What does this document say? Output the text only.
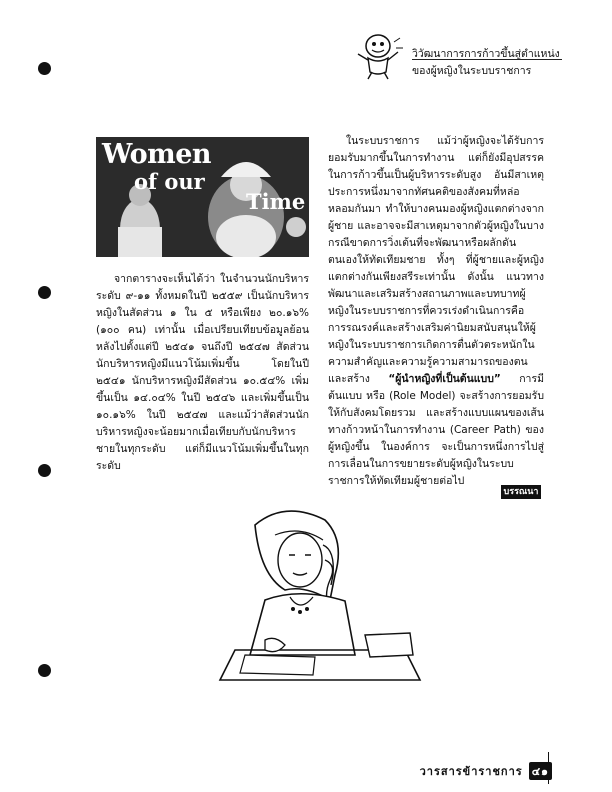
วิวัฒนาการการก้าวขึ้นสู่ตำแหน่ง
ของผู้หญิงในระบบราชการ
Women
of our
Time

จากตารางจะเห็นได้ว่า ในจำนวนนักบริหารระดับ ๙-๑๑ ทั้งหมดในปี ๒๕๕๙ เป็นนักบริหารหญิงในสัดส่วน ๑ ใน ๕ หรือเพียง ๒๐.๑๖% (๑๐๐ คน) เท่านั้น เมื่อเปรียบเทียบข้อมูลย้อนหลังไปตั้งแต่ปี ๒๕๔๑ จนถึงปี ๒๕๔๗ สัดส่วนนักบริหารหญิงมีแนวโน้มเพิ่มขึ้น โดยในปี ๒๕๔๑ นักบริหารหญิงมีสัดส่วน ๑๐.๕๔% เพิ่มขึ้นเป็น ๑๔.๐๔% ในปี ๒๕๔๖ และเพิ่มขึ้นเป็น ๑๐.๑๖% ในปี ๒๕๔๗ และแม้ว่าสัดส่วนนักบริหารหญิงจะน้อยมากเมื่อเทียบกับนักบริหารชายในทุกระดับ แต่ก็มีแนวโน้มเพิ่มขึ้นในทุกระดับ

ในระบบราชการ แม้ว่าผู้หญิงจะได้รับการยอมรับมากขึ้นในการทำงาน แต่ก็ยังมีอุปสรรคในการก้าวขึ้นเป็นผู้บริหารระดับสูง อันมีสาเหตุประการหนึ่งมาจากทัศนคติของสังคมที่หล่อหลอมกันมา ทำให้บางคนมองผู้หญิงแตกต่างจากผู้ชาย และอาจจะมีสาเหตุมาจากตัวผู้หญิงในบางกรณีขาดการวิ่งเต้นที่จะพัฒนาหรือผลักดันตนเองให้ทัดเทียมชาย ทั้งๆ ที่ผู้ชายและผู้หญิงแตกต่างกันเพียงสรีระเท่านั้น ดังนั้น แนวทางพัฒนาและเสริมสร้างสถานภาพและบทบาทผู้หญิงในระบบราชการที่ควรเร่งดำเนินการคือ การรณรงค์และสร้างเสริมค่านิยมสนับสนุนให้ผู้หญิงในระบบราชการเกิดการตื่นตัวตระหนักในความสำคัญและความรู้ความสามารถของตน และสร้าง “ผู้นำหญิงที่เป็นต้นแบบ” การมีต้นแบบ หรือ (Role Model) จะสร้างการยอมรับให้กับสังคมโดยรวม และสร้างแบบแผนของเส้นทางก้าวหน้าในการทำงาน (Career Path) ของผู้หญิงขึ้น ในองค์การ จะเป็นการหนึ่งการไปสู่การเลื่อนในการขยายระดับผู้หญิงในระบบราชการให้ทัดเทียมผู้ชายต่อไป

บรรณนา
วารสารข้าราชการ ๔๑
